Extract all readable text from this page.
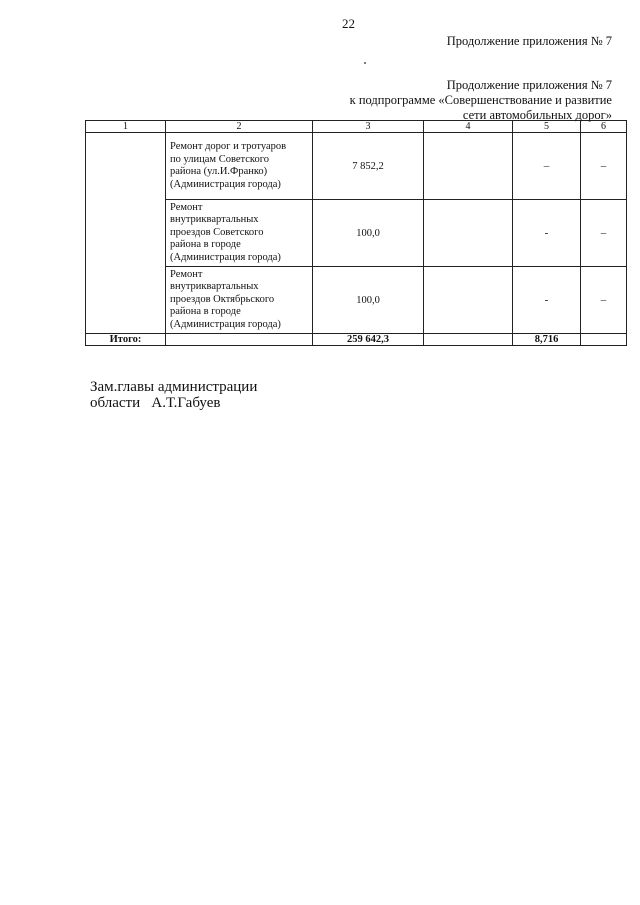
22
Продолжение приложения № 7
Продолжение приложения № 7
к подпрограмме «Совершенствование и развитие
сети автомобильных дорог»
1	2	3	4	5	6

	Ремонт дорог и тротуаров
по улицам Советского
района (ул.И.Франко)
(Администрация города)	7 852,2		–	–

	Ремонт
внутриквартальных
проездов Советского
района в городе
(Администрация города)	100,0		-	–

	Ремонт
внутриквартальных
проездов Октябрьского
района в городе
(Администрация города)	100,0		-	–
Итого:		259 642,3		8,716	
Зам.главы администрации
области   А.Т.Габуев
